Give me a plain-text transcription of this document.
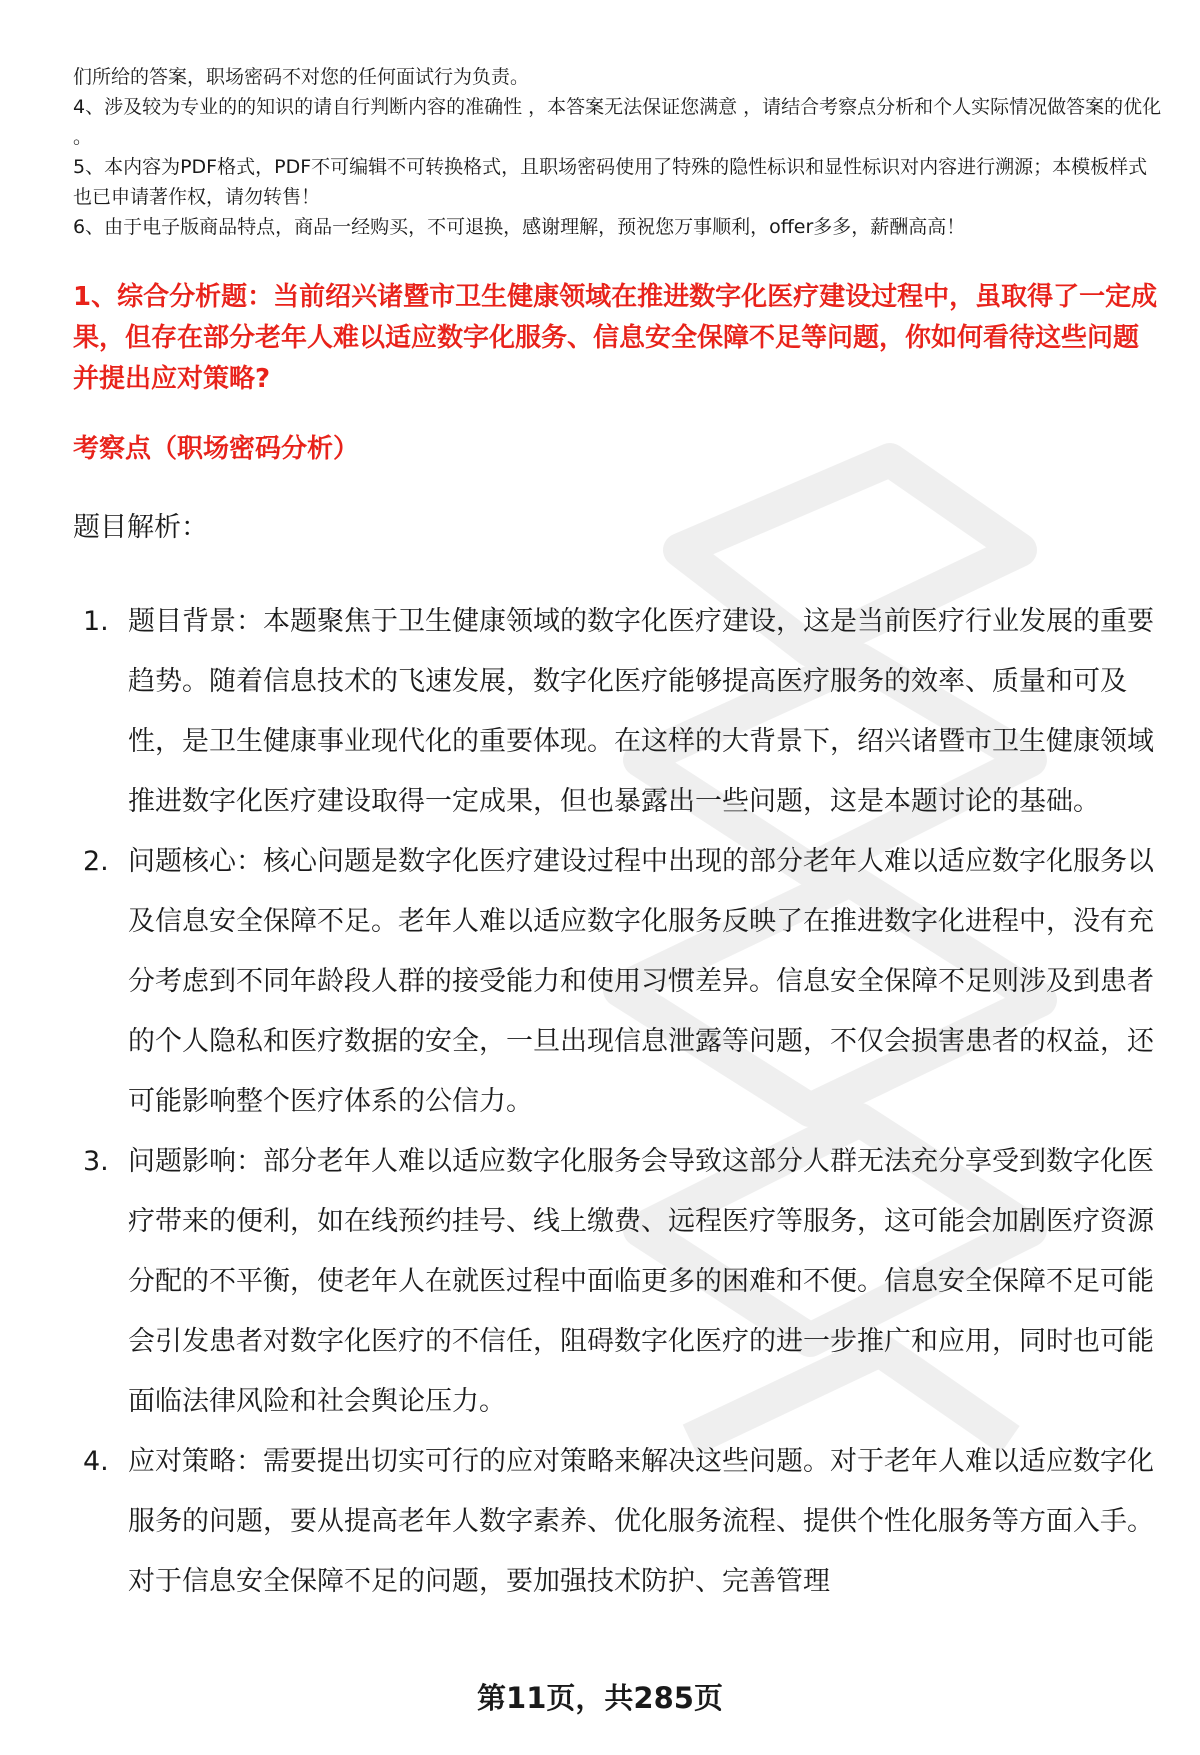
们所给的答案，职场密码不对您的任何面试行为负责。

4、涉及较为专业的的知识的请自行判断内容的准确性 ，本答案无法保证您满意 ，请结合考察点分析和个人实际情况做答案的优化 。

5、本内容为PDF格式，PDF不可编辑不可转换格式，且职场密码使用了特殊的隐性标识和显性标识对内容进行溯源；本模板样式也已申请著作权，请勿转售！

6、由于电子版商品特点，商品一经购买，不可退换，感谢理解，预祝您万事顺利，offer多多，薪酬高高！

1、综合分析题：当前绍兴诸暨市卫生健康领域在推进数字化医疗建设过程中，虽取得了一定成果，但存在部分老年人难以适应数字化服务、信息安全保障不足等问题，你如何看待这些问题并提出应对策略?

考察点（职场密码分析）

题目解析：

1. 题目背景：本题聚焦于卫生健康领域的数字化医疗建设，这是当前医疗行业发展的重要趋势。随着信息技术的飞速发展，数字化医疗能够提高医疗服务的效率、质量和可及性，是卫生健康事业现代化的重要体现。在这样的大背景下，绍兴诸暨市卫生健康领域推进数字化医疗建设取得一定成果，但也暴露出一些问题，这是本题讨论的基础。
2. 问题核心：核心问题是数字化医疗建设过程中出现的部分老年人难以适应数字化服务以及信息安全保障不足。老年人难以适应数字化服务反映了在推进数字化进程中，没有充分考虑到不同年龄段人群的接受能力和使用习惯差异。信息安全保障不足则涉及到患者的个人隐私和医疗数据的安全，一旦出现信息泄露等问题，不仅会损害患者的权益，还可能影响整个医疗体系的公信力。
3. 问题影响：部分老年人难以适应数字化服务会导致这部分人群无法充分享受到数字化医疗带来的便利，如在线预约挂号、线上缴费、远程医疗等服务，这可能会加剧医疗资源分配的不平衡，使老年人在就医过程中面临更多的困难和不便。信息安全保障不足可能会引发患者对数字化医疗的不信任，阻碍数字化医疗的进一步推广和应用，同时也可能面临法律风险和社会舆论压力。
4. 应对策略：需要提出切实可行的应对策略来解决这些问题。对于老年人难以适应数字化服务的问题，要从提高老年人数字素养、优化服务流程、提供个性化服务等方面入手。对于信息安全保障不足的问题，要加强技术防护、完善管理

第11页，共285页
